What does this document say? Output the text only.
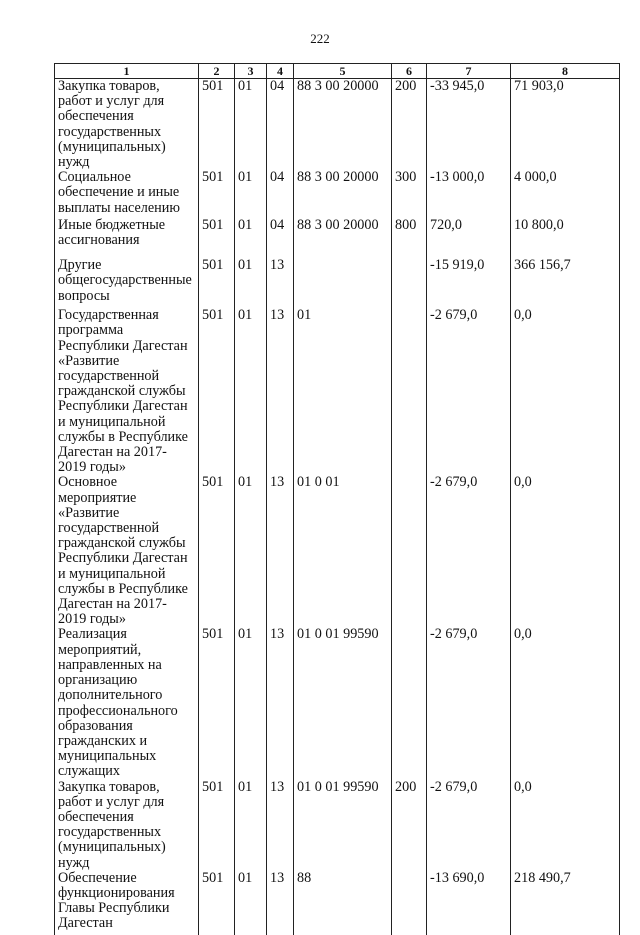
222
1	2	3	4	5	6	7	8
Закупка товаров, работ и услуг для обеспечения государственных (муниципальных) нужд	501	01	04	88 3 00 20000	200	-33 945,0	71 903,0
Социальное обеспечение и иные выплаты населению	501	01	04	88 3 00 20000	300	-13 000,0	4 000,0
Иные бюджетные ассигнования	501	01	04	88 3 00 20000	800	720,0	10 800,0
Другие общегосударственные вопросы	501	01	13			-15 919,0	366 156,7
Государственная программа Республики Дагестан «Развитие государственной гражданской службы Республики Дагестан и муниципальной службы в Республике Дагестан на 2017-2019 годы»	501	01	13	01		-2 679,0	0,0
Основное мероприятие «Развитие государственной гражданской службы Республики Дагестан и муниципальной службы в Республике Дагестан на 2017-2019 годы»	501	01	13	01 0 01		-2 679,0	0,0
Реализация мероприятий, направленных на организацию дополнительного профессионального образования гражданских и муниципальных служащих	501	01	13	01 0 01 99590		-2 679,0	0,0
Закупка товаров, работ и услуг для обеспечения государственных (муниципальных) нужд	501	01	13	01 0 01 99590	200	-2 679,0	0,0
Обеспечение функционирования Главы Республики Дагестан	501	01	13	88		-13 690,0	218 490,7
